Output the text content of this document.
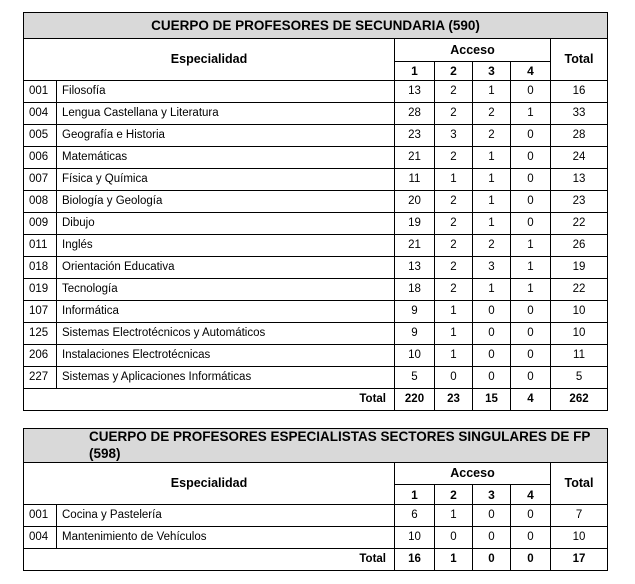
CUERPO DE PROFESORES DE SECUNDARIA (590)						
Especialidad		Acceso				Total
		1	2	3	4	
001	Filosofía	13	2	1	0	16
004	Lengua Castellana y Literatura	28	2	2	1	33
005	Geografía e Historia	23	3	2	0	28
006	Matemáticas	21	2	1	0	24
007	Física y Química	11	1	1	0	13
008	Biología y Geología	20	2	1	0	23
009	Dibujo	19	2	1	0	22
011	Inglés	21	2	2	1	26
018	Orientación Educativa	13	2	3	1	19
019	Tecnología	18	2	1	1	22
107	Informática	9	1	0	0	10
125	Sistemas Electrotécnicos y Automáticos	9	1	0	0	10
206	Instalaciones Electrotécnicas	10	1	0	0	11
227	Sistemas y Aplicaciones Informáticas	5	0	0	0	5
Total		220	23	15	4	262
CUERPO DE PROFESORES ESPECIALISTAS SECTORES SINGULARES DE FP (598)						
Especialidad		Acceso				Total
		1	2	3	4	
001	Cocina y Pastelería	6	1	0	0	7
004	Mantenimiento de Vehículos	10	0	0	0	10
Total		16	1	0	0	17
